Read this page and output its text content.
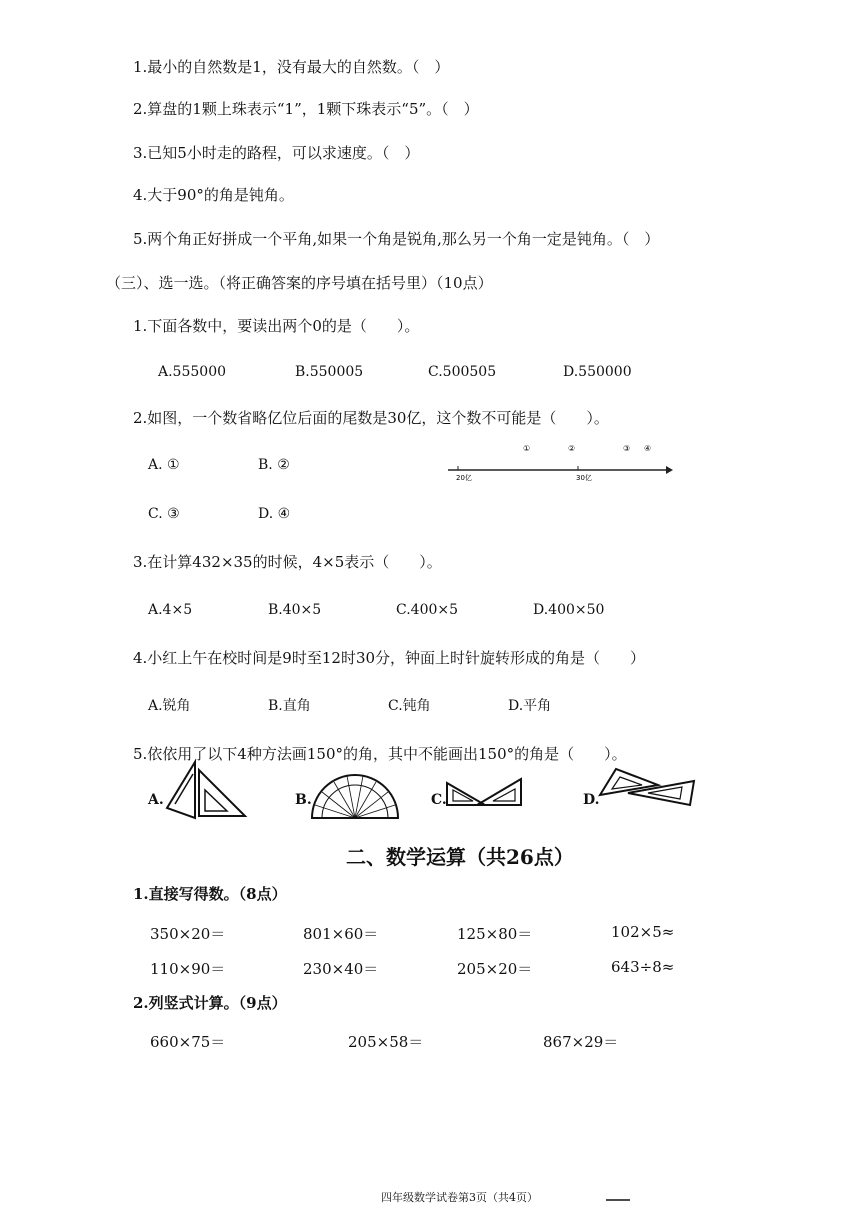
1.最小的自然数是1，没有最大的自然数。（　）
2.算盘的1颗上珠表示“1”，1颗下珠表示“5”。（　）
3.已知5小时走的路程，可以求速度。（　）
4.大于90°的角是钝角。
5.两个角正好拼成一个平角,如果一个角是锐角,那么另一个角一定是钝角。（　）
（三）、选一选。（将正确答案的序号填在括号里）（10点）
1.下面各数中，要读出两个0的是（　　）。
A.555000	B.550005	C.500505	D.550000
2.如图，一个数省略亿位后面的尾数是30亿，这个数不可能是（　　）。
A. ①	B. ②
C. ③	D. ④
20亿	30亿
①	②	③ ④
3.在计算432×35的时候，4×5表示（　　）。
A.4×5	B.40×5	C.400×5	D.400×50
4.小红上午在校时间是9时至12时30分，钟面上时针旋转形成的角是（　　）
A.锐角	B.直角	C.钝角	D.平角
5.依依用了以下4种方法画150°的角，其中不能画出150°的角是（　　）。
A.	B.	C.	D.
二、数学运算（共26点）
1.直接写得数。（8点）
350×20＝	801×60＝	125×80＝	102×5≈
110×90＝	230×40＝	205×20＝	643÷8≈
2.列竖式计算。（9点）
660×75＝	205×58＝	867×29＝
四年级数学试卷第3页（共4页）
